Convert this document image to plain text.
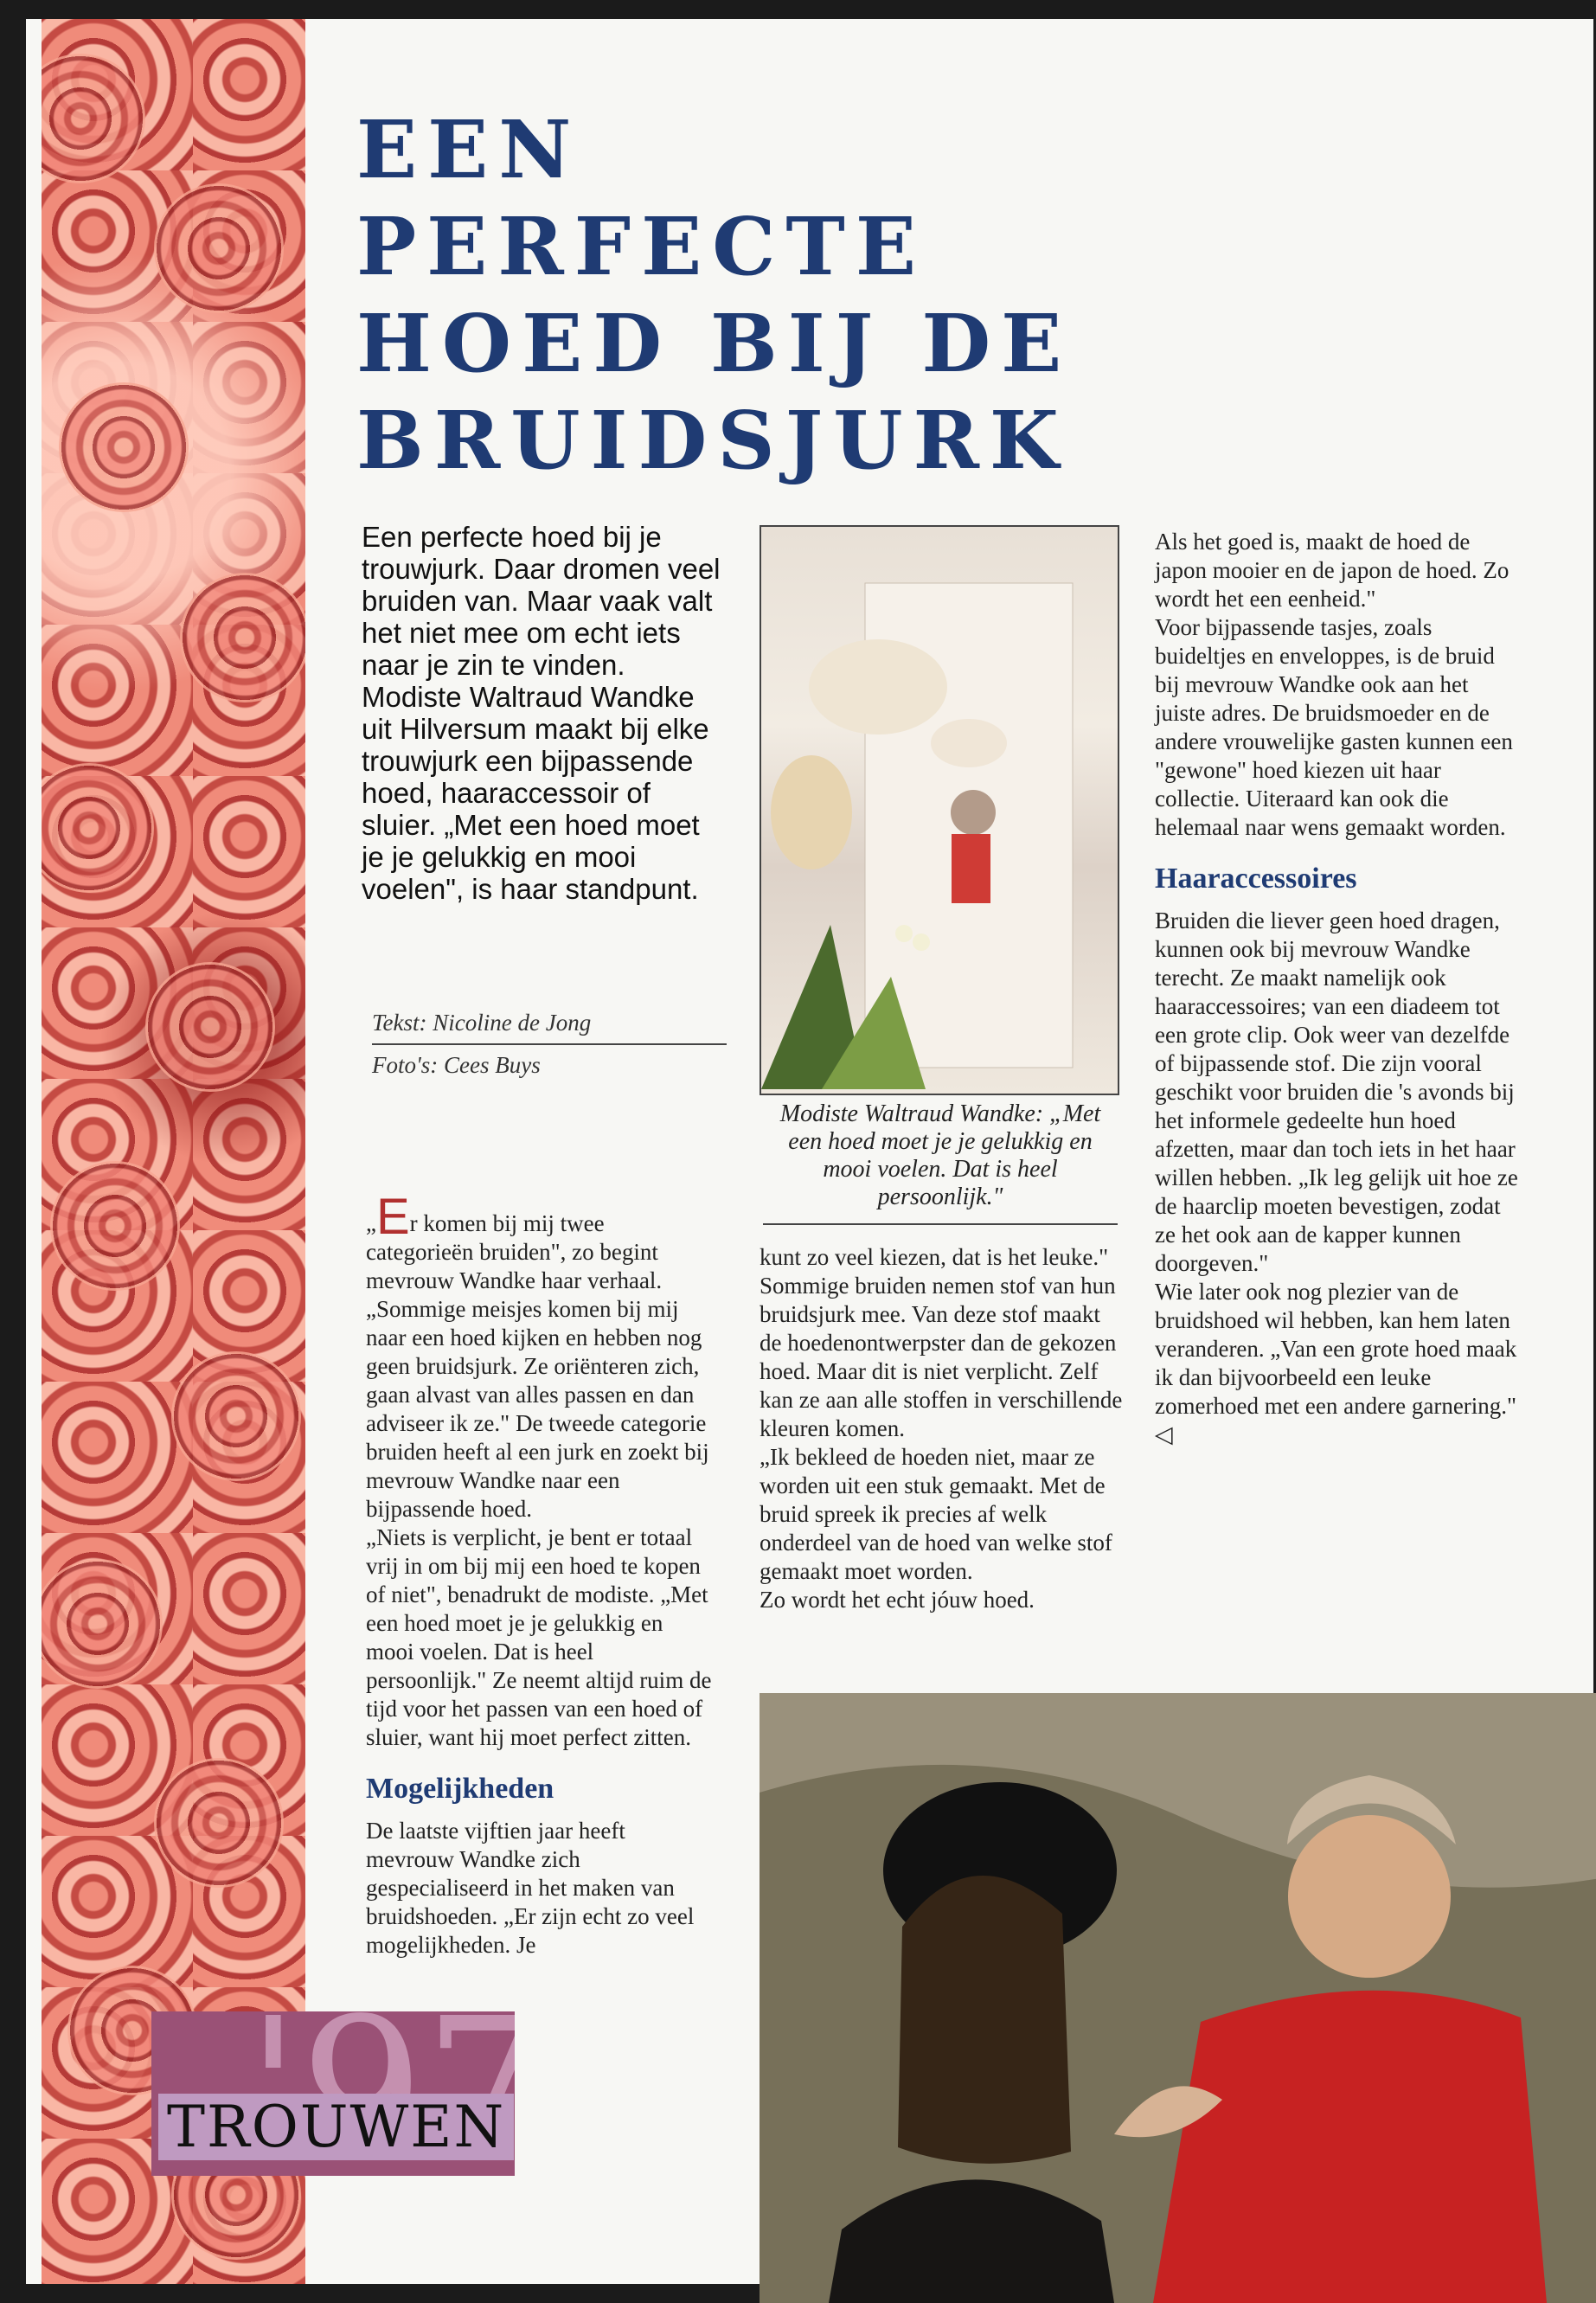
EEN PERFECTE
HOED BIJ DE
BRUIDSJURK

Een perfecte hoed bij je trouwjurk. Daar dromen veel bruiden van. Maar vaak valt het niet mee om echt iets naar je zin te vinden. Modiste Waltraud Wandke uit Hilversum maakt bij elke trouwjurk een bijpassende hoed, haaraccessoir of sluier. „Met een hoed moet je je gelukkig en mooi voelen", is haar standpunt.

Tekst: Nicoline de Jong

Foto's: Cees Buys

„Er komen bij mij twee categorieën bruiden", zo begint mevrouw Wandke haar verhaal. „Sommige meisjes komen bij mij naar een hoed kijken en hebben nog geen bruidsjurk. Ze oriënteren zich, gaan alvast van alles passen en dan adviseer ik ze." De tweede categorie bruiden heeft al een jurk en zoekt bij mevrouw Wandke naar een bijpassende hoed.

„Niets is verplicht, je bent er totaal vrij in om bij mij een hoed te kopen of niet", benadrukt de modiste. „Met een hoed moet je je gelukkig en mooi voelen. Dat is heel persoonlijk." Ze neemt altijd ruim de tijd voor het passen van een hoed of sluier, want hij moet perfect zitten.

Mogelijkheden

De laatste vijftien jaar heeft mevrouw Wandke zich gespecialiseerd in het maken van bruidshoeden. „Er zijn echt zo veel mogelijkheden. Je

Modiste Waltraud Wandke: „Met een hoed moet je je gelukkig en mooi voelen. Dat is heel persoonlijk."

kunt zo veel kiezen, dat is het leuke." Sommige bruiden nemen stof van hun bruidsjurk mee. Van deze stof maakt de hoedenontwerpster dan de gekozen hoed. Maar dit is niet verplicht. Zelf kan ze aan alle stoffen in verschillende kleuren komen.

„Ik bekleed de hoeden niet, maar ze worden uit een stuk gemaakt. Met de bruid spreek ik precies af welk onderdeel van de hoed van welke stof gemaakt moet worden.

Zo wordt het echt jóuw hoed.

Als het goed is, maakt de hoed de japon mooier en de japon de hoed. Zo wordt het een eenheid."

Voor bijpassende tasjes, zoals buideltjes en enveloppes, is de bruid bij mevrouw Wandke ook aan het juiste adres. De bruidsmoeder en de andere vrouwelijke gasten kunnen een "gewone" hoed kiezen uit haar collectie. Uiteraard kan ook die helemaal naar wens gemaakt worden.

Haaraccessoires

Bruiden die liever geen hoed dragen, kunnen ook bij mevrouw Wandke terecht. Ze maakt namelijk ook haaraccessoires; van een diadeem tot een grote clip. Ook weer van dezelfde of bijpassende stof. Die zijn vooral geschikt voor bruiden die 's avonds bij het informele gedeelte hun hoed afzetten, maar dan toch iets in het haar willen hebben. „Ik leg gelijk uit hoe ze de haarclip moeten bevestigen, zodat ze het ook aan de kapper kunnen doorgeven."

Wie later ook nog plezier van de bruidshoed wil hebben, kan hem laten veranderen. „Van een grote hoed maak ik dan bijvoorbeeld een leuke zomerhoed met een andere garnering." ◁

TROUWEN
